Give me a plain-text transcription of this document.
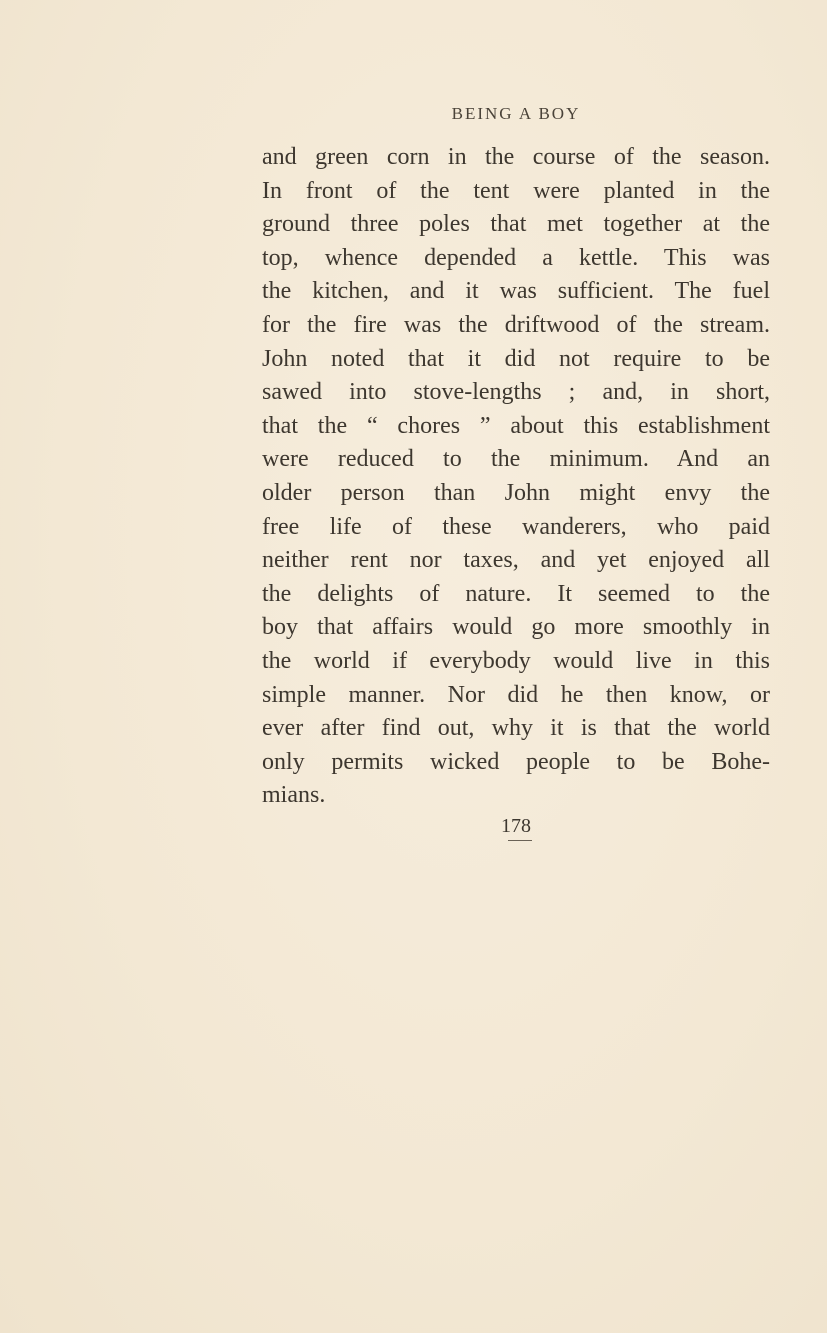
BEING A BOY
and green corn in the course of the season.
In front of the tent were planted in the
ground three poles that met together at the
top, whence depended a kettle. This was
the kitchen, and it was sufficient. The fuel
for the fire was the driftwood of the stream.
John noted that it did not require to be
sawed into stove-lengths ; and, in short,
that the “ chores ” about this establishment
were reduced to the minimum. And an
older person than John might envy the
free life of these wanderers, who paid
neither rent nor taxes, and yet enjoyed all
the delights of nature. It seemed to the
boy that affairs would go more smoothly in
the world if everybody would live in this
simple manner. Nor did he then know, or
ever after find out, why it is that the world
only permits wicked people to be Bohe-
mians.
178
